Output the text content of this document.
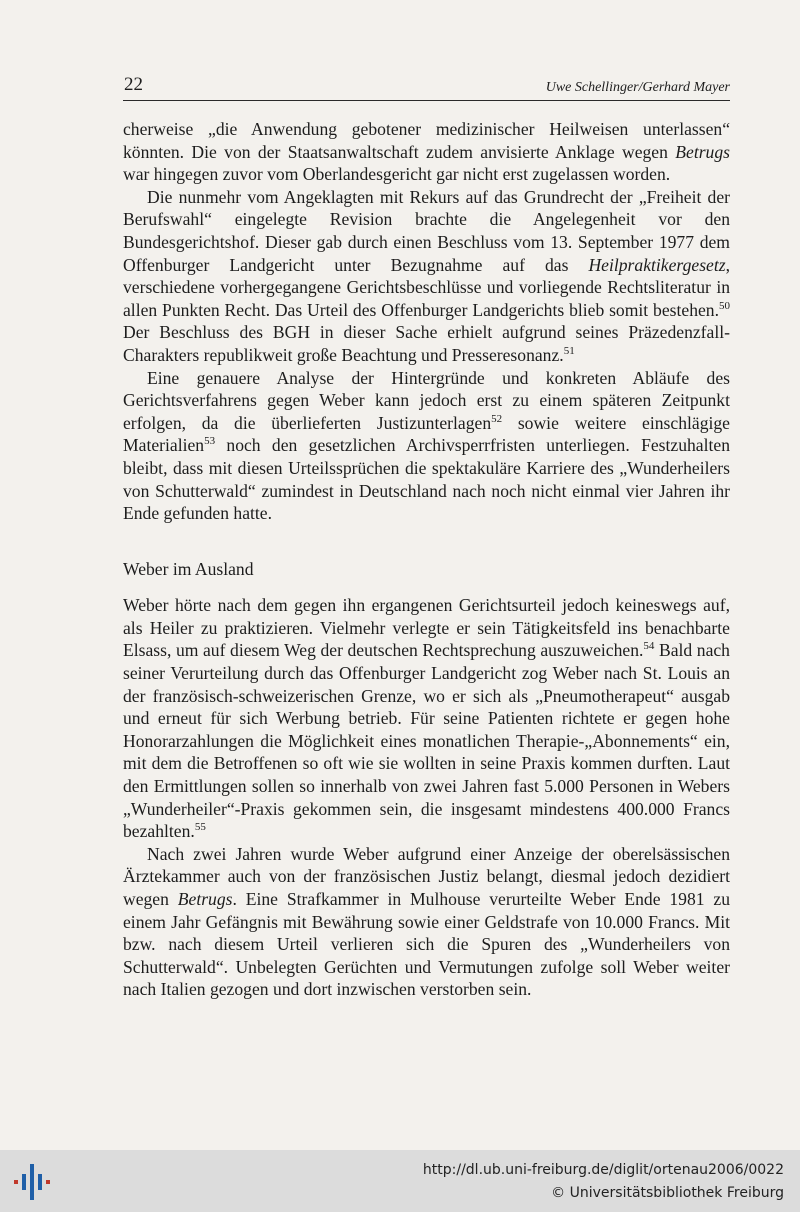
22	Uwe Schellinger/Gerhard Mayer

cherweise „die Anwendung gebotener medizinischer Heilweisen unterlassen“ könnten. Die von der Staatsanwaltschaft zudem anvisierte Anklage wegen Betrugs war hingegen zuvor vom Oberlandesgericht gar nicht erst zugelassen worden.

Die nunmehr vom Angeklagten mit Rekurs auf das Grundrecht der „Freiheit der Berufswahl“ eingelegte Revision brachte die Angelegenheit vor den Bundesgerichtshof. Dieser gab durch einen Beschluss vom 13. September 1977 dem Offenburger Landgericht unter Bezugnahme auf das Heilpraktikergesetz, verschiedene vorhergegangene Gerichtsbeschlüsse und vorliegende Rechtsliteratur in allen Punkten Recht. Das Urteil des Offenburger Landgerichts blieb somit bestehen.$^{50}$ Der Beschluss des BGH in dieser Sache erhielt aufgrund seines Präzedenzfall-Charakters republikweit große Beachtung und Presseresonanz.$^{51}$

Eine genauere Analyse der Hintergründe und konkreten Abläufe des Gerichtsverfahrens gegen Weber kann jedoch erst zu einem späteren Zeitpunkt erfolgen, da die überlieferten Justizunterlagen$^{52}$ sowie weitere einschlägige Materialien$^{53}$ noch den gesetzlichen Archivsperrfristen unterliegen. Festzuhalten bleibt, dass mit diesen Urteilssprüchen die spektakuläre Karriere des „Wunderheilers von Schutterwald“ zumindest in Deutschland nach noch nicht einmal vier Jahren ihr Ende gefunden hatte.

Weber im Ausland

Weber hörte nach dem gegen ihn ergangenen Gerichtsurteil jedoch keineswegs auf, als Heiler zu praktizieren. Vielmehr verlegte er sein Tätigkeitsfeld ins benachbarte Elsass, um auf diesem Weg der deutschen Rechtsprechung auszuweichen.$^{54}$ Bald nach seiner Verurteilung durch das Offenburger Landgericht zog Weber nach St. Louis an der französisch-schweizerischen Grenze, wo er sich als „Pneumotherapeut“ ausgab und erneut für sich Werbung betrieb. Für seine Patienten richtete er gegen hohe Honorarzahlungen die Möglichkeit eines monatlichen Therapie-„Abonnements“ ein, mit dem die Betroffenen so oft wie sie wollten in seine Praxis kommen durften. Laut den Ermittlungen sollen so innerhalb von zwei Jahren fast 5.000 Personen in Webers „Wunderheiler“-Praxis gekommen sein, die insgesamt mindestens 400.000 Francs bezahlten.$^{55}$

Nach zwei Jahren wurde Weber aufgrund einer Anzeige der oberelsässischen Ärztekammer auch von der französischen Justiz belangt, diesmal jedoch dezidiert wegen Betrugs. Eine Strafkammer in Mulhouse verurteilte Weber Ende 1981 zu einem Jahr Gefängnis mit Bewährung sowie einer Geldstrafe von 10.000 Francs. Mit bzw. nach diesem Urteil verlieren sich die Spuren des „Wunderheilers von Schutterwald“. Unbelegten Gerüchten und Vermutungen zufolge soll Weber weiter nach Italien gezogen und dort inzwischen verstorben sein.

http://dl.ub.uni-freiburg.de/diglit/ortenau2006/0022
© Universitätsbibliothek Freiburg
